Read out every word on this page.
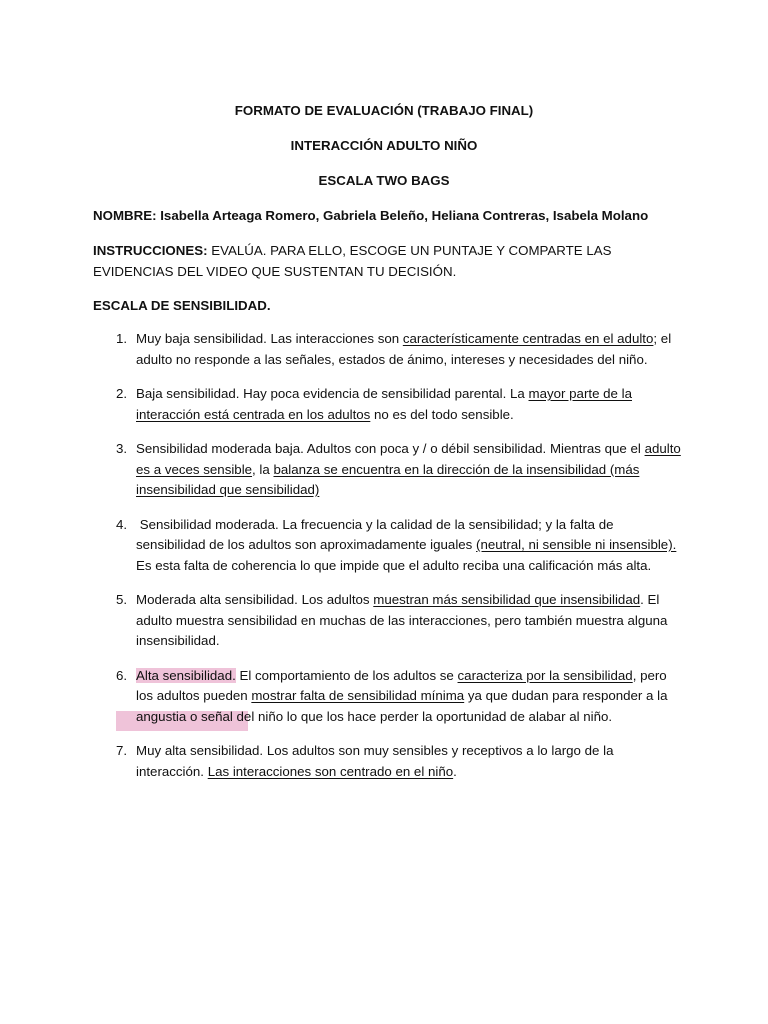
FORMATO DE EVALUACIÓN (TRABAJO FINAL)

INTERACCIÓN ADULTO NIÑO

ESCALA TWO BAGS

NOMBRE: Isabella Arteaga Romero, Gabriela Beleño, Heliana Contreras, Isabela Molano

INSTRUCCIONES: EVALÚA. PARA ELLO, ESCOGE UN PUNTAJE Y COMPARTE LAS EVIDENCIAS DEL VIDEO QUE SUSTENTAN TU DECISIÓN.

ESCALA DE SENSIBILIDAD.

1. Muy baja sensibilidad. Las interacciones son característicamente centradas en el adulto; el adulto no responde a las señales, estados de ánimo, intereses y necesidades del niño.
2. Baja sensibilidad. Hay poca evidencia de sensibilidad parental. La mayor parte de la interacción está centrada en los adultos no es del todo sensible.
3. Sensibilidad moderada baja. Adultos con poca y / o débil sensibilidad. Mientras que el adulto es a veces sensible, la balanza se encuentra en la dirección de la insensibilidad (más insensibilidad que sensibilidad)
4. Sensibilidad moderada. La frecuencia y la calidad de la sensibilidad; y la falta de sensibilidad de los adultos son aproximadamente iguales (neutral, ni sensible ni insensible). Es esta falta de coherencia lo que impide que el adulto reciba una calificación más alta.
5. Moderada alta sensibilidad. Los adultos muestran más sensibilidad que insensibilidad. El adulto muestra sensibilidad en muchas de las interacciones, pero también muestra alguna insensibilidad.
6. Alta sensibilidad. El comportamiento de los adultos se caracteriza por la sensibilidad, pero los adultos pueden mostrar falta de sensibilidad mínima ya que dudan para responder a la angustia o señal del niño lo que los hace perder la oportunidad de alabar al niño.
7. Muy alta sensibilidad. Los adultos son muy sensibles y receptivos a lo largo de la interacción. Las interacciones son centrado en el niño.
